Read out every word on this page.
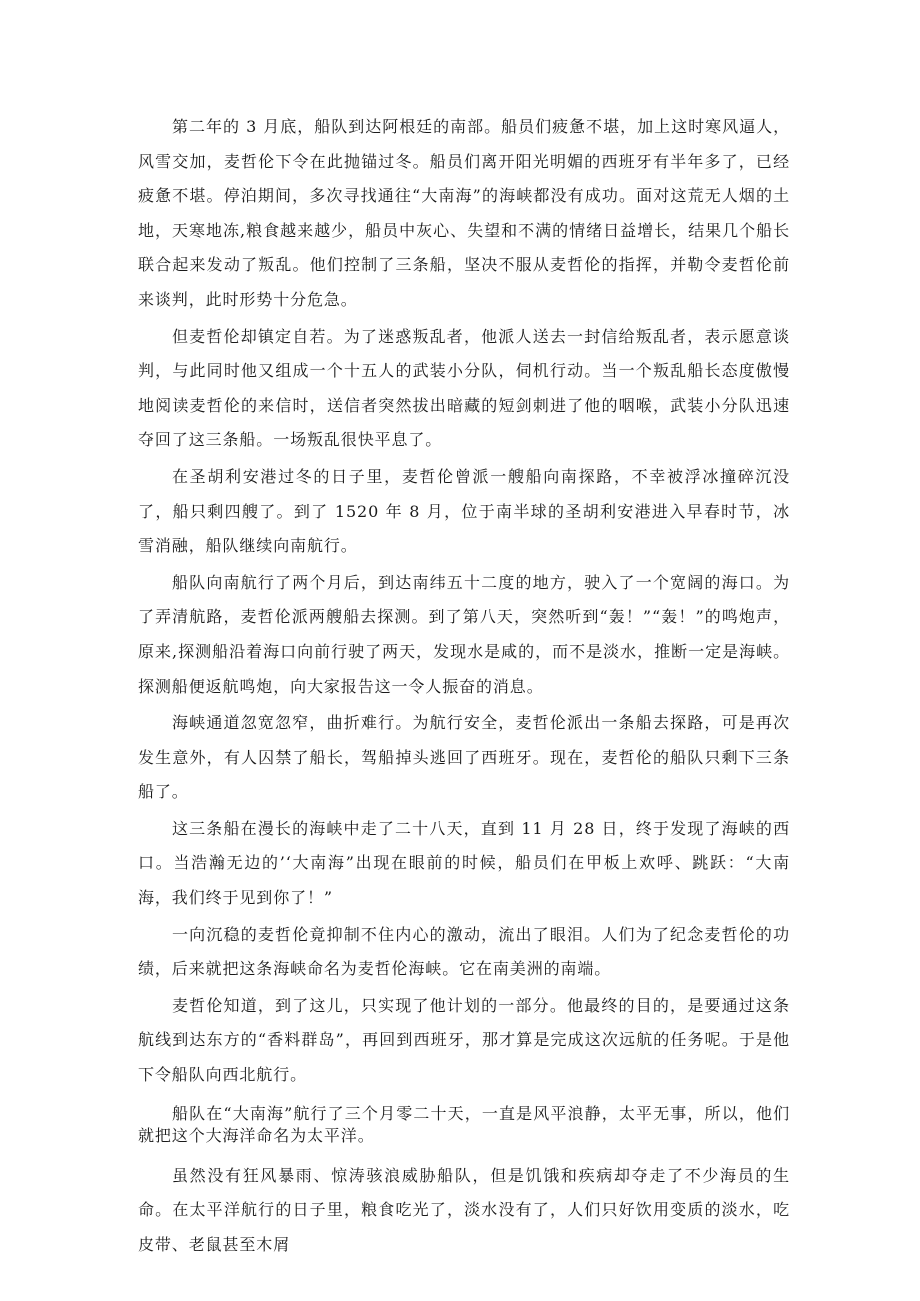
第二年的 3 月底，船队到达阿根廷的南部。船员们疲惫不堪，加上这时寒风逼人，风雪交加，麦哲伦下令在此抛锚过冬。船员们离开阳光明媚的西班牙有半年多了，已经疲惫不堪。停泊期间，多次寻找通往“大南海”的海峡都没有成功。面对这荒无人烟的土地，天寒地冻,粮食越来越少，船员中灰心、失望和不满的情绪日益增长，结果几个船长联合起来发动了叛乱。他们控制了三条船，坚决不服从麦哲伦的指挥，并勒令麦哲伦前来谈判，此时形势十分危急。

但麦哲伦却镇定自若。为了迷惑叛乱者，他派人送去一封信给叛乱者，表示愿意谈判，与此同时他又组成一个十五人的武装小分队，伺机行动。当一个叛乱船长态度傲慢地阅读麦哲伦的来信时，送信者突然拔出暗藏的短剑刺进了他的咽喉，武装小分队迅速夺回了这三条船。一场叛乱很快平息了。

在圣胡利安港过冬的日子里，麦哲伦曾派一艘船向南探路，不幸被浮冰撞碎沉没了，船只剩四艘了。到了 1520 年 8 月，位于南半球的圣胡利安港进入早春时节，冰雪消融，船队继续向南航行。

船队向南航行了两个月后，到达南纬五十二度的地方，驶入了一个宽阔的海口。为了弄清航路，麦哲伦派两艘船去探测。到了第八天，突然听到“轰！”“轰！”的鸣炮声，原来,探测船沿着海口向前行驶了两天，发现水是咸的，而不是淡水，推断一定是海峡。探测船便返航鸣炮，向大家报告这一令人振奋的消息。

海峡通道忽宽忽窄，曲折难行。为航行安全，麦哲伦派出一条船去探路，可是再次发生意外，有人囚禁了船长，驾船掉头逃回了西班牙。现在，麦哲伦的船队只剩下三条船了。

这三条船在漫长的海峡中走了二十八天，直到 11 月 28 日，终于发现了海峡的西口。当浩瀚无边的’‘大南海”出现在眼前的时候，船员们在甲板上欢呼、跳跃：“大南海，我们终于见到你了！”

一向沉稳的麦哲伦竟抑制不住内心的激动，流出了眼泪。人们为了纪念麦哲伦的功绩，后来就把这条海峡命名为麦哲伦海峡。它在南美洲的南端。

麦哲伦知道，到了这儿，只实现了他计划的一部分。他最终的目的，是要通过这条航线到达东方的“香料群岛”，再回到西班牙，那才算是完成这次远航的任务呢。于是他下令船队向西北航行。

船队在“大南海”航行了三个月零二十天，一直是风平浪静，太平无事，所以，他们就把这个大海洋命名为太平洋。

虽然没有狂风暴雨、惊涛骇浪威胁船队，但是饥饿和疾病却夺走了不少海员的生命。在太平洋航行的日子里，粮食吃光了，淡水没有了，人们只好饮用变质的淡水，吃皮带、老鼠甚至木屑
